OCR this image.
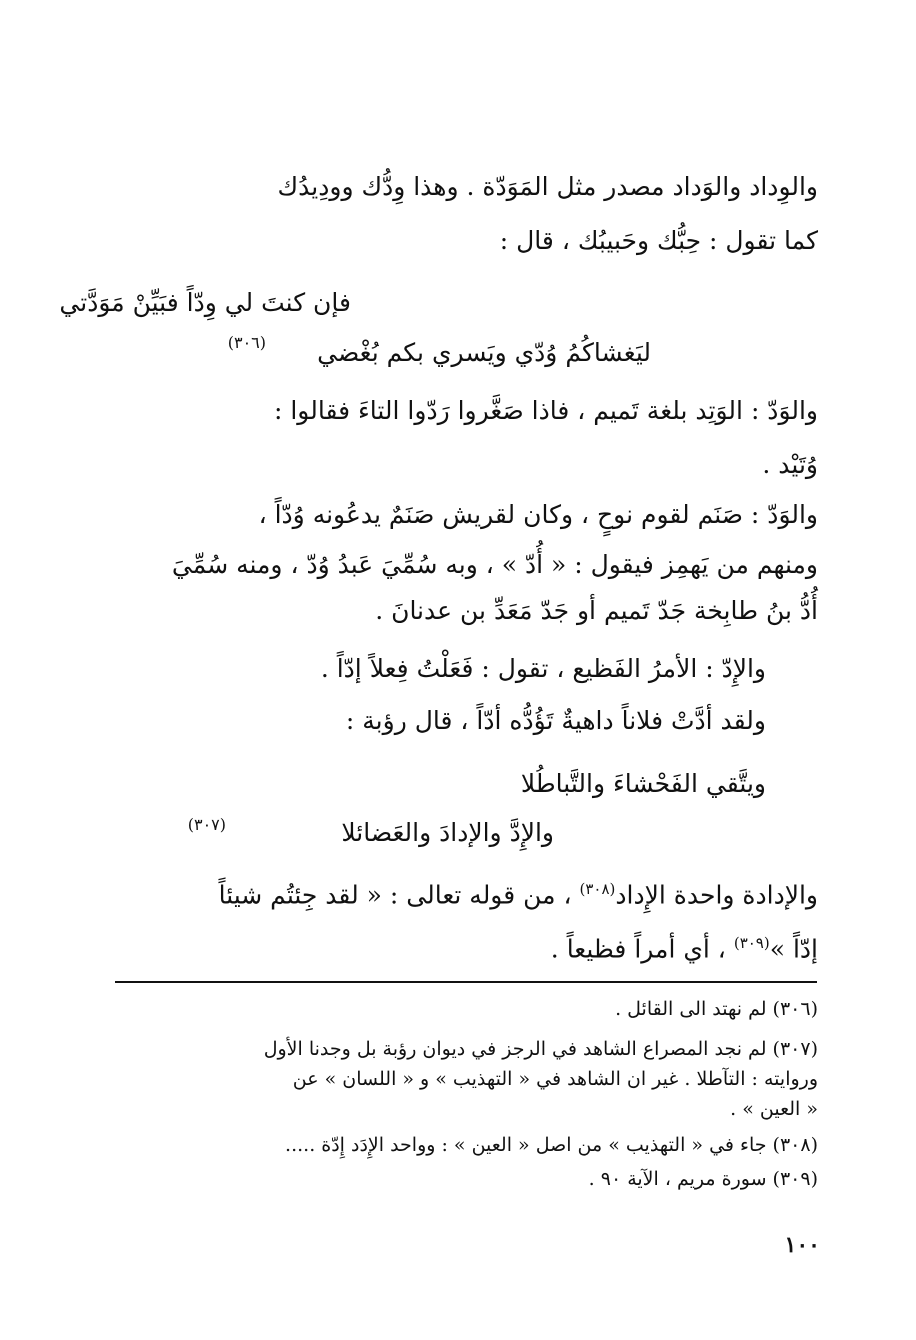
والوِداد والوَداد مصدر مثل المَوَدّة . وهذا وِدُّك وودِيدُك
كما تقول : حِبُّك وحَبيبُك ، قال :
فإن كنتَ لي وِدّاً فبَيِّنْ مَوَدَّتي
ليَغشاكُمُ وُدّي ويَسري بكم بُغْضي
(٣٠٦)
والوَدّ : الوَتِد بلغة تَميم ، فاذا صَغَّروا رَدّوا التاءَ فقالوا :
وُتَيْد .
والوَدّ : صَنَم لقوم نوحٍ ، وكان لقريش صَنَمٌ يدعُونه وُدّاً ،
ومنهم من يَهمِز فيقول : « أُدّ » ، وبه سُمِّيَ عَبدُ وُدّ ، ومنه سُمِّيَ
أُدُّ بنُ طابِخة جَدّ تَميم أو جَدّ مَعَدِّ بن عدنانَ .
والإِدّ : الأمرُ الفَظيع ، تقول : فَعَلْتُ فِعلاً إدّاً .
ولقد أدَّتْ فلاناً داهيةٌ تَؤُدُّه أدّاً ، قال رؤبة :
ويتَّقي الفَحْشاءَ والتَّباطُلا
والإِدَّ والإدادَ والعَضائلا
(٣٠٧)
والإدادة واحدة الإِداد$^{(٣٠٨)}$ ، من قوله تعالى : « لقد جِئتُم شيئاً
إدّاً »$^{(٣٠٩)}$ ، أي أمراً فظيعاً .
(٣٠٦) لم نهتد الى القائل .
(٣٠٧) لم نجد المصراع الشاهد في الرجز في ديوان رؤبة بل وجدنا الأول
وروايته : التآطلا . غير ان الشاهد في « التهذيب » و « اللسان » عن
« العين » .
(٣٠٨) جاء في « التهذيب » من اصل « العين » : وواحد الإِدَد إِدّة .....
(٣٠٩) سورة مريم ، الآية ٩٠ .
١٠٠
